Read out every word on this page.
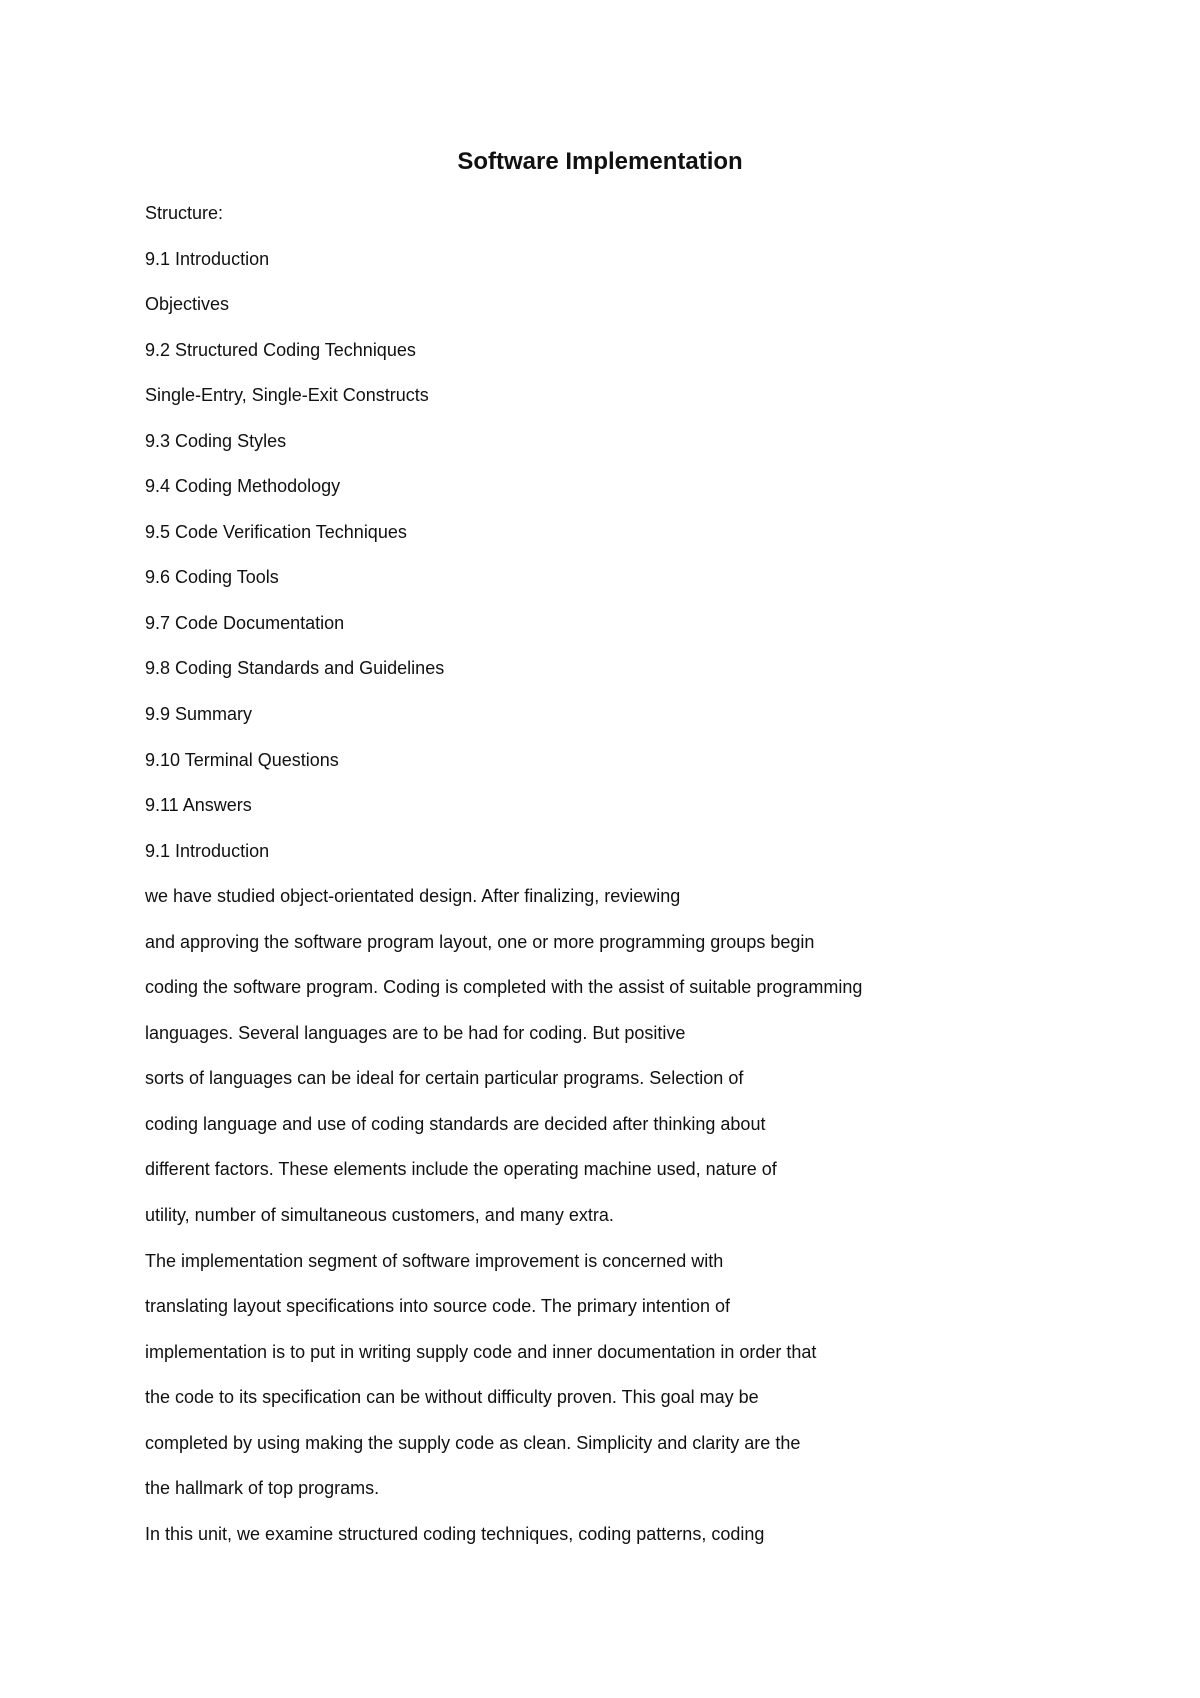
Software Implementation
Structure:
9.1 Introduction
Objectives
9.2 Structured Coding Techniques
Single-Entry, Single-Exit Constructs
9.3 Coding Styles
9.4 Coding Methodology
9.5 Code Verification Techniques
9.6 Coding Tools
9.7 Code Documentation
9.8 Coding Standards and Guidelines
9.9 Summary
9.10 Terminal Questions
9.11 Answers
9.1 Introduction
we have studied object-orientated design. After finalizing, reviewing
and approving the software program layout, one or more programming groups begin
coding the software program. Coding is completed with the assist of suitable programming
languages. Several languages are to be had for coding. But positive
sorts of languages can be ideal for certain particular programs. Selection of
coding language and use of coding standards are decided after thinking about
different factors. These elements include the operating machine used, nature of
utility, number of simultaneous customers, and many extra.
The implementation segment of software improvement is concerned with
translating layout specifications into source code. The primary intention of
implementation is to put in writing supply code and inner documentation in order that
the code to its specification can be without difficulty proven. This goal may be
completed by using making the supply code as clean. Simplicity and clarity are the
the hallmark of top programs.
In this unit, we examine structured coding techniques, coding patterns, coding
